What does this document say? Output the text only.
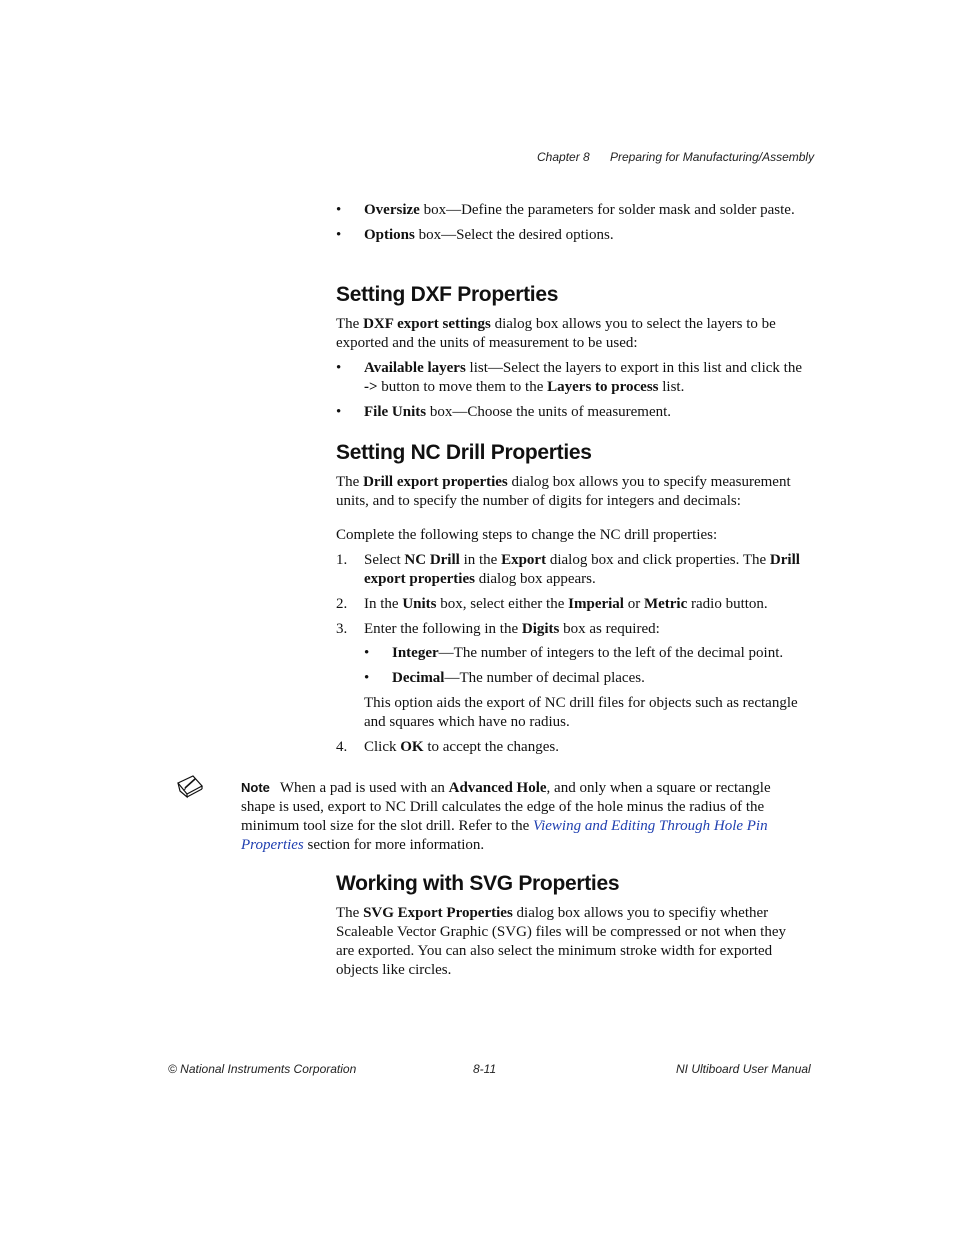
Chapter 8 Preparing for Manufacturing/Assembly

• Oversize box—Define the parameters for solder mask and solder paste.

• Options box—Select the desired options.

Setting DXF Properties

The DXF export settings dialog box allows you to select the layers to be exported and the units of measurement to be used:

• Available layers list—Select the layers to export in this list and click the -> button to move them to the Layers to process list.

• File Units box—Choose the units of measurement.

Setting NC Drill Properties

The Drill export properties dialog box allows you to specify measurement units, and to specify the number of digits for integers and decimals:

Complete the following steps to change the NC drill properties:

1. Select NC Drill in the Export dialog box and click properties. The Drill export properties dialog box appears.

2. In the Units box, select either the Imperial or Metric radio button.

3. Enter the following in the Digits box as required:

• Integer—The number of integers to the left of the decimal point.

• Decimal—The number of decimal places.

This option aids the export of NC drill files for objects such as rectangle and squares which have no radius.

4. Click OK to accept the changes.

Note When a pad is used with an Advanced Hole, and only when a square or rectangle shape is used, export to NC Drill calculates the edge of the hole minus the radius of the minimum tool size for the slot drill. Refer to the Viewing and Editing Through Hole Pin Properties section for more information.
Working with SVG Properties

The SVG Export Properties dialog box allows you to specifiy whether Scaleable Vector Graphic (SVG) files will be compressed or not when they are exported. You can also select the minimum stroke width for exported objects like circles.

© National Instruments Corporation	8-11	NI Ultiboard User Manual
